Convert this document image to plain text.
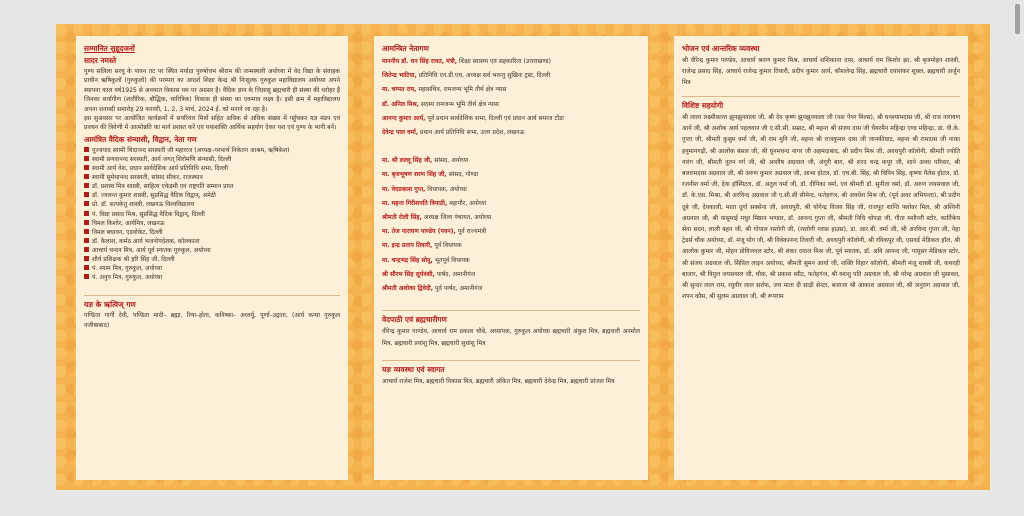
सम्मानित सुहृदजनों
सादर नमस्ते
पुण्य सलिला सरयू के पावन तट पर स्थित मर्यादा पुरुषोत्तम श्रीराम की जन्मस्थली अयोध्या में वेद विद्या के संवाहक प्राचीन ऋषिकुलों (गुरुकुलों) की परम्परा का आदर्श शिक्षा केन्द्र श्री निःशुल्क गुरुकुल महाविद्यालय अयोध्या अपने स्थापना काल वर्ष1925 से अनवरत विकास पथ पर अग्रसर है। वैदिक ज्ञान के जिज्ञासु ब्रह्मचारी ही संस्था की धरोहर हैं जिनका सर्वांगीण (शारीरिक, बौद्धिक, चारित्रिक) विकास ही संस्था का एकमात्र लक्ष्य है। इसी क्रम में महाविद्यालय अपना शताब्दी समारोह 29 फरवरी, 1, 2, 3 मार्च, 2024 ई. को मनाने जा रहा है।
इस सुअवसर पर आयोजित कार्यक्रमों में सपरिवार मित्रों सहित अधिक से अधिक संख्या में पहुँचकर यज्ञ मंडप एवं प्रवचन की त्रिवेणी में आत्मोन्नति का मार्ग प्रशस्त करें एवं यथाशक्ति आर्थिक सहयोग देकर यश एवं पुण्य के भागी बनें।
आमंत्रित वैदिक संन्यासी, विद्वान, नेता गण
पूज्यपाद स्वामी चिदानन्द सरस्वती जी महाराज (अध्यक्ष–परमार्थ निकेतन आश्रम, ऋषिकेश)
स्वामी प्रणवानन्द सरस्वती, आर्य जगत् शिरोमणि संन्यासी, दिल्ली
स्वामी आर्य वेश, प्रधान सार्वदेशिक आर्य प्रतिनिधि सभा, दिल्ली
स्वामी सुमेधानन्द सरस्वती, सांसद सीकर, राजस्थान
डॉ. प्रशस्य मित्र शास्त्री, साहित्य एकेडमी एवं राष्ट्रपति सम्मान प्राप्त
डॉ. ज्वलन्त कुमार शास्त्री, सुप्रसिद्ध वैदिक विद्वान्, अमेठी
प्रो. डॉ. सत्यकेतु शास्त्री, लखनऊ विश्वविद्यालय
पं. विद्या प्रसाद मिश्र, सुप्रसिद्ध वैदिक विद्वान्, दिल्ली
विमल किशोर, आर्यमित्र, लखनऊ
विमल बधावन, एडवोकेट, दिल्ली
डॉ. कैलाश, कर्मठ आर्य भजनोपदेशक, कोलकाता
आचार्य चन्दन मित्र, आर्य पूर्व स्नातक गुरुकुल, अयोध्या
शौर्य प्रशिक्षक श्री हरि सिंह जी, दिल्ली
पं. श्याम मित्र, गुरुकुल, अयोध्या
पं. अनुप मित्र, गुरुकुल, अयोध्या
यज्ञ के ऋत्विज् गण
पण्डिता गार्गी देवी, पण्डिता मादी– ब्रह्मा, रिया–होता, कनिष्का– अध्वर्यु, पूर्णा–उद्गाता, (आर्य कन्या गुरुकुल नजीबाबाद)
आमन्त्रित नेतागण
माननीय डॉ. धन सिंह रावत, मंत्री, शिक्षा स्वास्थ्य एवं सहकारिता (उत्तराखण्ड)
जितेन्द्र भाटिया, प्रतिनिधि एन.डी.एच, अध्यक्ष सर्व भवन्तु सुखिनः ट्रस्ट, दिल्ली
मा. चम्पत राय, महासचिव, रामजन्म भूमि तीर्थ क्षेत्र न्यास
डॉ. अनिल मिश्र, सदस्य रामजन्म भूमि तीर्थ क्षेत्र न्यास
आनन्द कुमार आर्य, पूर्व प्रधान सार्वदेशिक सभा, दिल्ली एवं प्रधान आर्य समाज टोंडा
देवेन्द्र पाल वर्मा, प्रधान आर्य प्रतिनिधि सभा, उत्तर प्रदेश, लखनऊ
मा. श्री लल्लू सिंह जी, सांसद, अयोध्या
मा. बृजभूषण शरण सिंह जी, सांसद, गोण्डा
मा. वेदप्रकाश गुप्त, विधायक, अयोध्या
मा. महन्त गिरीशपति त्रिपाठी, महापौर, अयोध्या
श्रीमती रोली सिंह, अध्यक्ष जिला पंचायत, अयोध्या
मा. तेज नारायण पाण्डेय (पवन), पूर्व राज्यमंत्री
मा. इन्द्र प्रताप तिवारी, पूर्व विधायक
मा. चन्द्रभद्र सिंह सोनू, भूतपूर्व विधायक
श्री सौरभ सिंह सूर्यवंशी, पार्षद, अमानीगंज
श्रीमती अशोका द्विवेदी, पूर्व पार्षद, अमानीगंज
वेदपाठी एवं ब्रह्मचारीगण
वीरेन्द्र कुमार पाण्डेय, आचार्य राम प्रकाश चौबे, अध्यापक, गुरुकुल अयोध्या ब्रह्मचारी अंकुश मित्र, ब्रह्मचारी अनमोल मित्र, ब्रह्मचारी प्रयांशु मित्र, ब्रह्मचारी सुधांशु मित्र
यज्ञ व्यवस्था एवं स्वागत
आचार्य राजेश मित्र, ब्रह्मचारी विकास मित्र, ब्रह्मचारी अंकित मित्र, ब्रह्मचारी देवेन्द्र मित्र, ब्रह्मचारी प्रांजल मित्र
भोजन एवं आन्तरिक व्यवस्था
श्री वीरेन्द्र कुमार पाण्डेय, आचार्य श्रवण कुमार मिश्र, आचार्य शशिकान्त दास, आचार्य राम किशोर झा, श्री बृजमोहन शास्त्री, राजेन्द्र प्रसाद सिंह, आचार्य राजेन्द्र कुमार तिवारी, प्रदीप कुमार आर्य, कौशलेन्द्र सिंह, ब्रह्मचारी दयाशंकर शुक्ल, ब्रह्मचारी अर्जुन मित्र
विशिष्ट सहयोगी
श्री लाला लक्ष्मीकान्त झुनझुनवाला जी, श्री देव कृष्ण झुनझुनवाला जी (यश पेपर मिल्स), श्री घनश्यामदास जी, श्री राज नारायण आर्य जी, श्री अशोक आर्य पहलवान जी ए.सी.सी. सम्राट, श्री महन्त श्री संजय दास जी चैयरमैन महिन्द्रा एण्ड महिन्द्रा, डा. वी.के. गुप्ता जी, श्रीमती कुसुम वर्मा जी, श्री राम मुनि जी, महन्त श्री राजकुमार दास जी जानकीघाट, महन्त श्री रामदास जी नाका हनुमानगढ़ी, श्री आलोक बंसल जी, श्री घुनमचन्द नागर जी अहमदाबाद, श्री प्रदीप मिश्र जी, अवधपुरी कॉलोनी, श्रीमती ज्योति नारंग जी, श्रीमती नूतन गर्ग जी, श्री आशीष अग्रवाल जी, अंगूरी बाग, श्री शरद चन्द्र कपूर जी, शाने अवध परिवार, श्री बलरामदास अग्रवाल जी, श्री अरुण कुमार अग्रवाल जी, आभा होटल, डॉ. एच.बी. सिंह, श्री विपिन सिंह, कृष्णा पैलेस होटल, डॉ. रजनीश वर्मा जी, देवा हॉस्पिटल, डॉ. अतुल वर्मा जी, डॉ. दीपिका वर्मा, एवं श्रीमती डॉ. सुनीता वर्मा, डॉ. अरुण जयसवाल जी, डॉ. के.एस. मिश्रा, श्री अरविन्द अग्रवाल जी ए.सी.सी सीमेन्ट, फतेहगंज, श्री अवधेश मिश्र जी, (पूर्व अवर अभियन्ता), श्री प्रदीप दूबे जी, देवकाली, माता दुर्गा सक्सेना जी, अवधपुरी, श्री योगेन्द्र विजय सिंह जी, राजपूत शान्ति फ्लोवर मिल, श्री अश्विनी अग्रवाल जी, श्री वासुमाई मधुर मिष्ठान भण्डार, डॉ. आनन्द गुप्ता जी, श्रीमती निधि चोपड़ा जी, गीता मशीनरी स्टोर, कार्तिकेय सेवा सदन, लाली बहन जी, श्री गोपाल रस्तोगी जी, (रस्तोगी ग्लास हाउस), डा. आर.बी. वर्मा जी, श्री अरविन्द गुप्ता जी, नेहा ट्रेडर्स चौक अयोध्या, डॉ. मंजू योग जी, श्री विवेकानन्द तिवारी जी, अवधपुरी कॉलोनी, श्री रविकपूर जी, एसवर्ड मेडिकल हॉल, श्री आलोक कुमार जी, मोहन प्रोविजनल स्टोर, श्री शंकर दयाल मिश्र जी, पूर्व स्नातक, डॉ. अवि आनन्द जी, पायुसर मेडिकल स्टोर, श्री संजय अग्रवाल जी, सिविल लाइन अयोध्या, श्रीमती सुमन आर्या जी, शक्ति विहार कॉलोनी, श्रीमती मंजू शास्त्री जी, कथरही बाजार, श्री विपुल जयसवाल जी, चौक, श्री प्रकाश स्वीट, फतेहगंज, श्री यशशु पति अग्रवाल जी, श्री नरेन्द्र अग्रवाल जी मुसावल, श्री सुन्दर लाल राम, रघुवीर लाल सर्राफ, जय माता दी साड़ी सेन्टर, बजाजा श्री आकाश अग्रवाल जी, श्री अनुराग अग्रवाल जी, शपन कौस, श्री सुलम अग्रवाल जी, श्री रूपराम
